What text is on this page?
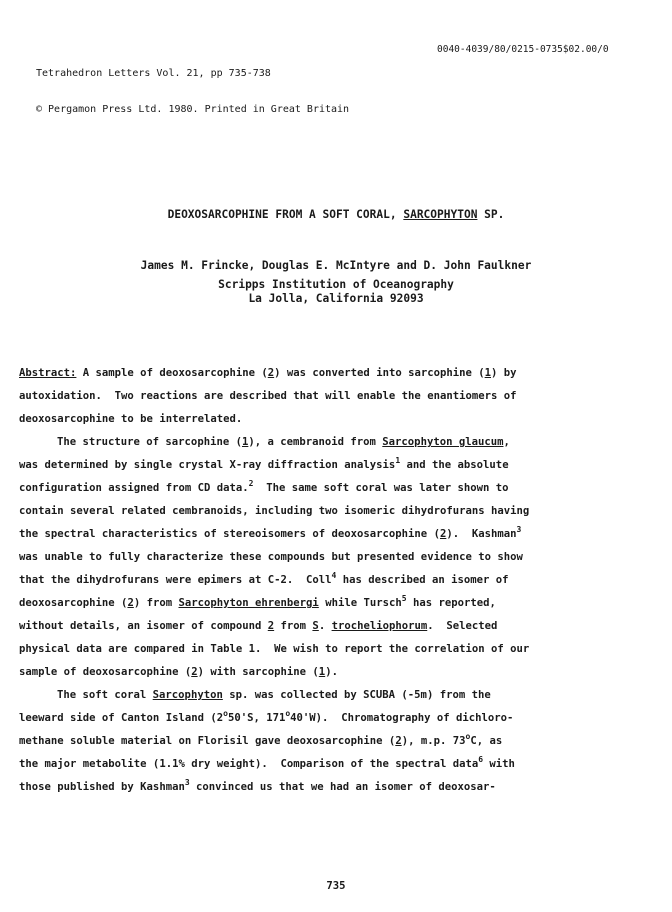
Tetrahedron Letters Vol. 21, pp 735-738

© Pergamon Press Ltd. 1980. Printed in Great Britain

0040-4039/80/0215-0735$02.00/0
DEOXOSARCOPHINE FROM A SOFT CORAL, SARCOPHYTON SP.
James M. Frincke, Douglas E. McIntyre and D. John Faulkner
Scripps Institution of Oceanography
La Jolla, California 92093
Abstract: A sample of deoxosarcophine (2) was converted into sarcophine (1) by
autoxidation.  Two reactions are described that will enable the enantiomers of
deoxosarcophine to be interrelated.
The structure of sarcophine (1), a cembranoid from Sarcophyton glaucum,
was determined by single crystal X-ray diffraction analysis$^1$ and the absolute
configuration assigned from CD data.$^2$  The same soft coral was later shown to
contain several related cembranoids, including two isomeric dihydrofurans having
the spectral characteristics of stereoisomers of deoxosarcophine (2).  Kashman$^3$
was unable to fully characterize these compounds but presented evidence to show
that the dihydrofurans were epimers at C-2.  Coll$^4$ has described an isomer of
deoxosarcophine (2) from Sarcophyton ehrenbergi while Tursch$^5$ has reported,
without details, an isomer of compound 2 from S. trocheliophorum.  Selected
physical data are compared in Table 1.  We wish to report the correlation of our
sample of deoxosarcophine (2) with sarcophine (1).
The soft coral Sarcophyton sp. was collected by SCUBA (-5m) from the
leeward side of Canton Island (2$^o$50'S, 171$^o$40'W).  Chromatography of dichloro-
methane soluble material on Florisil gave deoxosarcophine (2), m.p. 73$^o$C, as
the major metabolite (1.1% dry weight).  Comparison of the spectral data$^6$ with
those published by Kashman$^3$ convinced us that we had an isomer of deoxosar-
735
